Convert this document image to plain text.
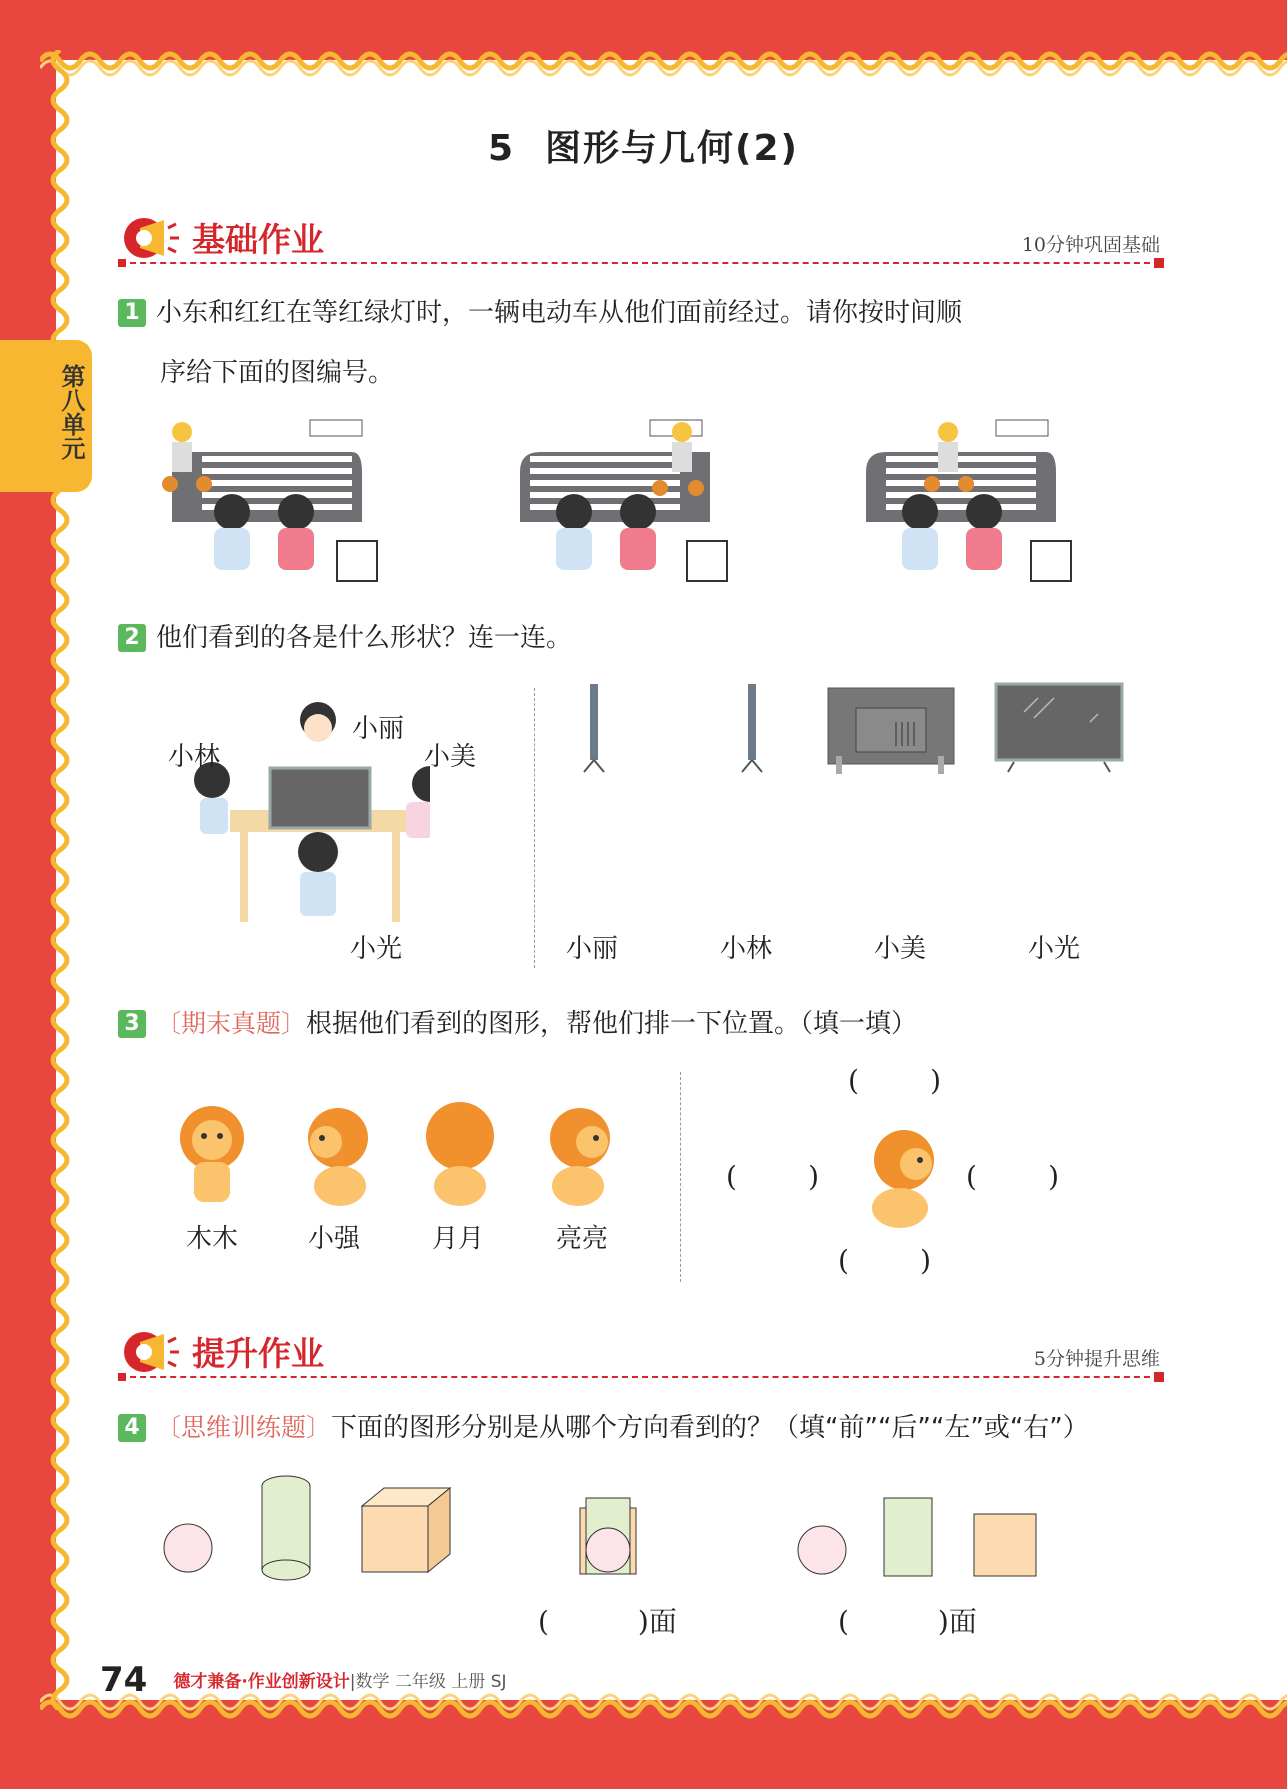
第八单元
5 图形与几何(2)
基础作业	10分钟巩固基础
1 小东和红红在等红绿灯时，一辆电动车从他们面前经过。请你按时间顺
序给下面的图编号。
2 他们看到的各是什么形状？连一连。
小林
小丽
小美
小光	小丽	小林	小美	小光
3 〔期末真题〕根据他们看到的图形，帮他们排一下位置。（填一填）
木木	小强	月月	亮亮
(        )
(        )	(        )
(        )
提升作业	5分钟提升思维
4 〔思维训练题〕下面的图形分别是从哪个方向看到的？（填“前”“后”“左”或“右”）
(          )面	(          )面
74 德才兼备·作业创新设计|数学 二年级 上册 SJ
